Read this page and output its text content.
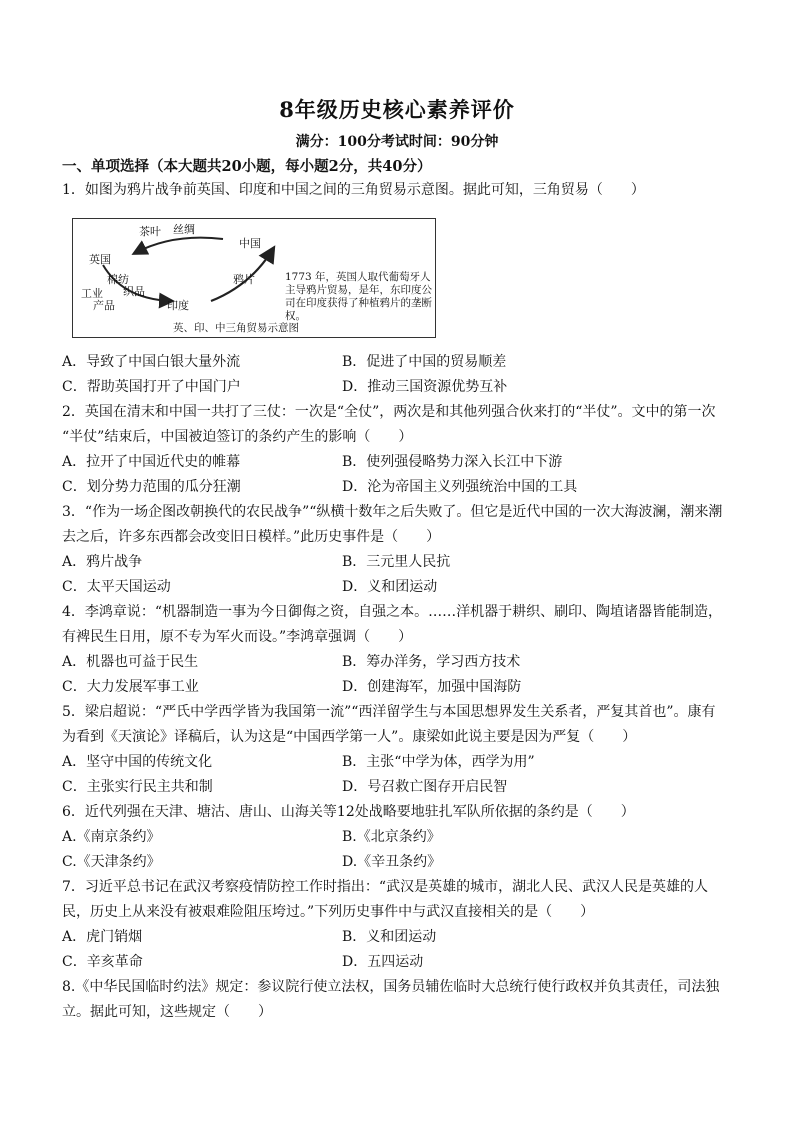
8年级历史核心素养评价
满分：100分考试时间：90分钟
一、单项选择（本大题共20小题，每小题2分，共40分）
1．如图为鸦片战争前英国、印度和中国之间的三角贸易示意图。据此可知，三角贸易（　　）
茶叶 丝绸
中国
英国
棉纺
织品
工业
产品
鸦片
印度
1773 年，英国人取代葡萄牙人主导鸦片贸易，是年，东印度公司在印度获得了种植鸦片的垄断权。
英、印、中三角贸易示意图
A．导致了中国白银大量外流	B．促进了中国的贸易顺差
C．帮助英国打开了中国门户	D．推动三国资源优势互补
2．英国在清末和中国一共打了三仗：一次是“全仗”，两次是和其他列强合伙来打的“半仗”。文中的第一次
“半仗”结束后，中国被迫签订的条约产生的影响（　　）
A．拉开了中国近代史的帷幕	B．使列强侵略势力深入长江中下游
C．划分势力范围的瓜分狂潮	D．沦为帝国主义列强统治中国的工具
3．“作为一场企图改朝换代的农民战争”“纵横十数年之后失败了。但它是近代中国的一次大海波澜，潮来潮
去之后，许多东西都会改变旧日模样。”此历史事件是（　　）
A．鸦片战争	B．三元里人民抗
C．太平天国运动	D．义和团运动
4．李鸿章说：“机器制造一事为今日御侮之资，自强之本。……洋机器于耕织、刷印、陶埴诸器皆能制造，
有裨民生日用，原不专为军火而设。”李鸿章强调（　　）
A．机器也可益于民生	B．筹办洋务，学习西方技术
C．大力发展军事工业	D．创建海军，加强中国海防
5．梁启超说：“严氏中学西学皆为我国第一流”“西洋留学生与本国思想界发生关系者，严复其首也”。康有
为看到《天演论》译稿后，认为这是“中国西学第一人”。康梁如此说主要是因为严复（　　）
A．坚守中国的传统文化	B．主张“中学为体，西学为用”
C．主张实行民主共和制	D．号召救亡图存开启民智
6．近代列强在天津、塘沽、唐山、山海关等12处战略要地驻扎军队所依据的条约是（　　）
A.《南京条约》	B.《北京条约》
C.《天津条约》	D.《辛丑条约》
7．习近平总书记在武汉考察疫情防控工作时指出：“武汉是英雄的城市，湖北人民、武汉人民是英雄的人
民，历史上从来没有被艰难险阻压垮过。”下列历史事件中与武汉直接相关的是（　　）
A．虎门销烟	B．义和团运动
C．辛亥革命	D．五四运动
8.《中华民国临时约法》规定：参议院行使立法权，国务员辅佐临时大总统行使行政权并负其责任，司法独
立。据此可知，这些规定（　　）
